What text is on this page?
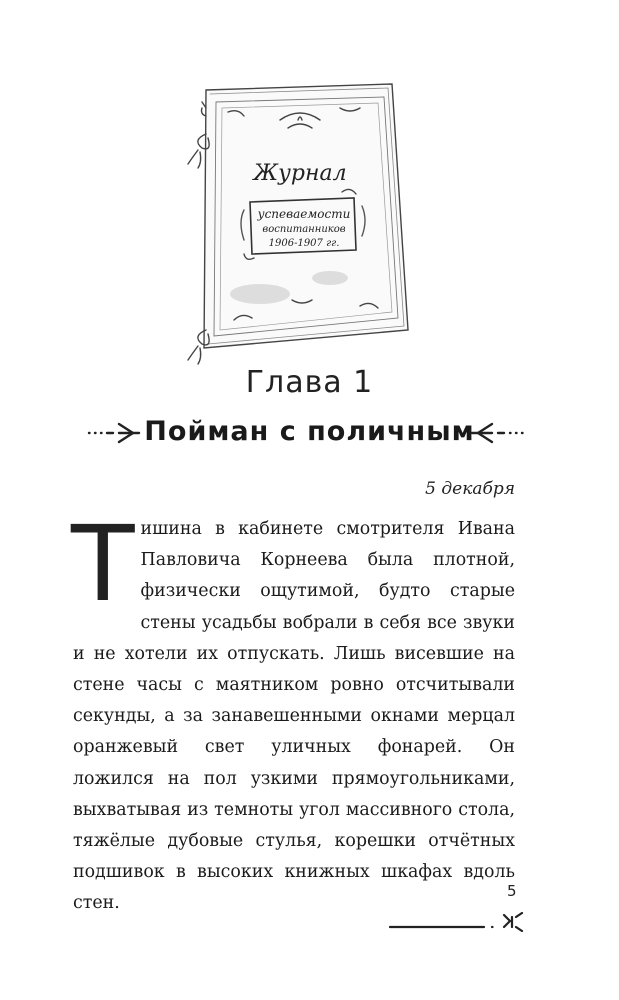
Журнал
успеваемости
воспитанников
1906-1907 гг.
Глава 1
Пойман с поличным
5 декабря
Т ишина в кабинете смотрителя Ивана Павловича Корнеева была плотной, физически ощутимой, будто старые стены усадьбы вобрали в себя все звуки и не хотели их отпускать. Лишь висевшие на стене часы с маятником ровно отсчитывали секунды, а за занавешенными окнами мерцал оранжевый свет уличных фонарей. Он ложился на пол узкими прямоугольниками, выхватывая из темноты угол массивного стола, тяжёлые дубовые стулья, корешки отчётных подшивок в высоких книжных шкафах вдоль стен.

5
